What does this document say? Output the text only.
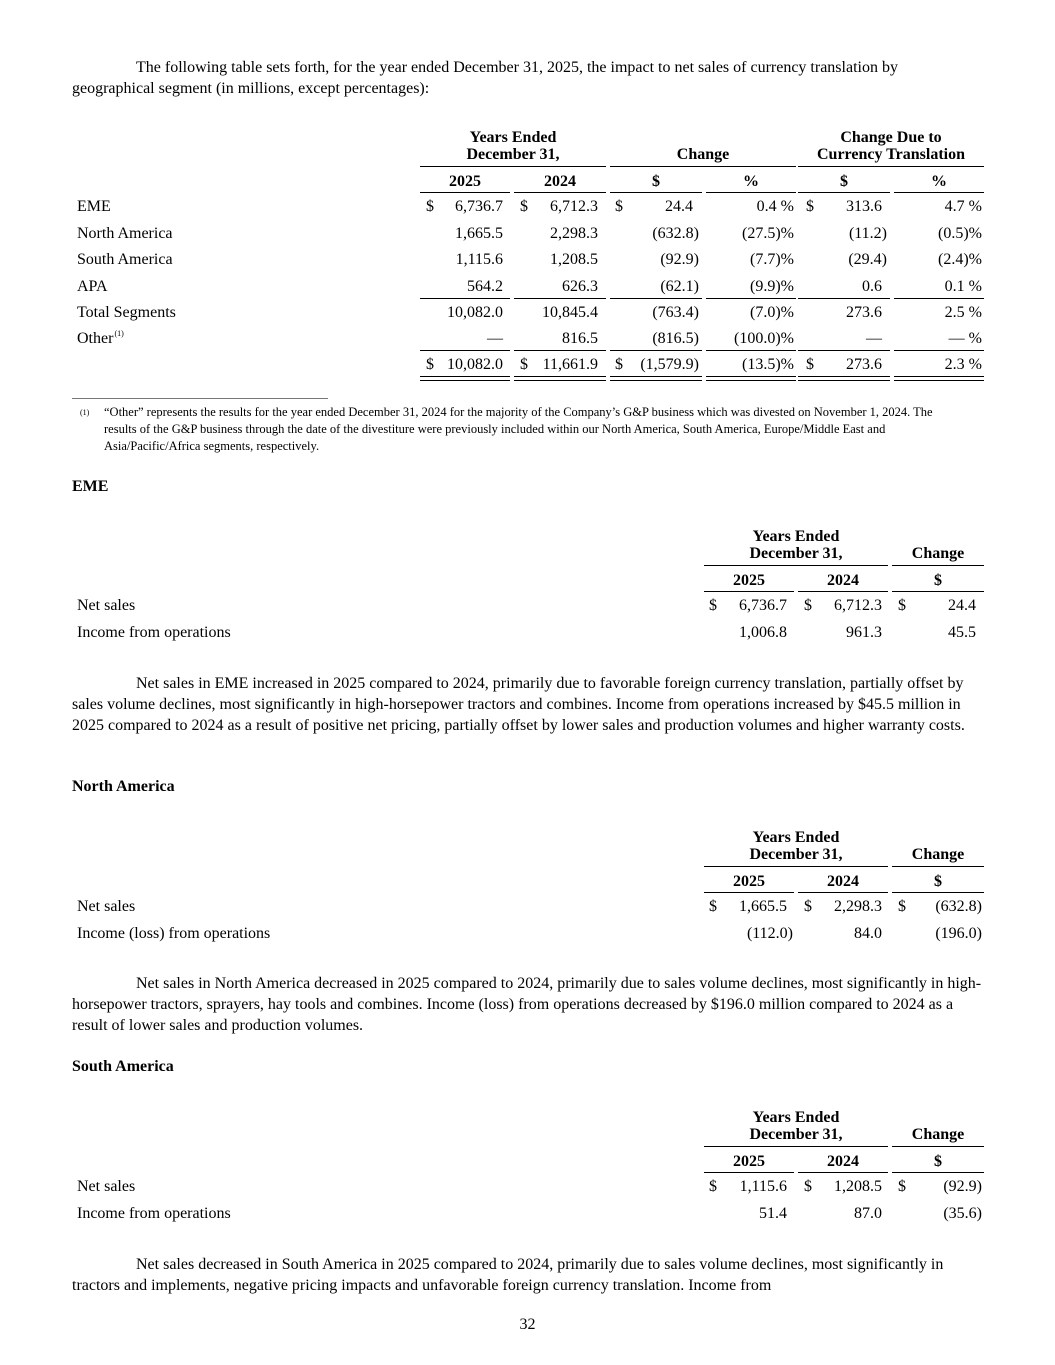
The following table sets forth, for the year ended December 31, 2025, the impact to net sales of currency translation by geographical segment (in millions, except percentages):

Years Ended
December 31,	Change
Change Due to
Currency Translation
2025	2024	$	%	$	%
EME	$	6,736.7 $	6,712.3 $	24.4	0.4 % $	313.6	4.7 %
North America	1,665.5	2,298.3	(632.8)	(27.5)%	(11.2)	(0.5)%
South America	1,115.6	1,208.5	(92.9)	(7.7)%	(29.4)	(2.4)%
APA	564.2	626.3	(62.1)	(9.9)%	0.6	0.1 %
Total Segments	10,082.0	10,845.4	(763.4)	(7.0)%	273.6	2.5 %
Other$^{(1)}$	—	816.5	(816.5)	(100.0)%	—	— %
$ 10,082.0 $ 11,661.9 $	(1,579.9)	(13.5)% $	273.6	2.3 %
(1) “Other” represents the results for the year ended December 31, 2024 for the majority of the Company’s G&P business which was divested on November 1, 2024. The results of the G&P business through the date of the divestiture were previously included within our North America, South America, Europe/Middle East and Asia/Pacific/Africa segments, respectively.
EME
Years Ended
December 31,	Change
2025	2024	$
Net sales	$	6,736.7 $	6,712.3 $	24.4
Income from operations	1,006.8	961.3	45.5

Net sales in EME increased in 2025 compared to 2024, primarily due to favorable foreign currency translation, partially offset by sales volume declines, most significantly in high-horsepower tractors and combines. Income from operations increased by $45.5 million in 2025 compared to 2024 as a result of positive net pricing, partially offset by lower sales and production volumes and higher warranty costs.

North America
Years Ended
December 31,	Change
2025	2024	$
Net sales	$	1,665.5 $	2,298.3 $	(632.8)
Income (loss) from operations	(112.0)	84.0	(196.0)

Net sales in North America decreased in 2025 compared to 2024, primarily due to sales volume declines, most significantly in high-horsepower tractors, sprayers, hay tools and combines. Income (loss) from operations decreased by $196.0 million compared to 2024 as a result of lower sales and production volumes.

South America
Years Ended
December 31,	Change
2025	2024	$
Net sales	$	1,115.6 $	1,208.5 $	(92.9)
Income from operations	51.4	87.0	(35.6)

Net sales decreased in South America in 2025 compared to 2024, primarily due to sales volume declines, most significantly in tractors and implements, negative pricing impacts and unfavorable foreign currency translation. Income from

32
